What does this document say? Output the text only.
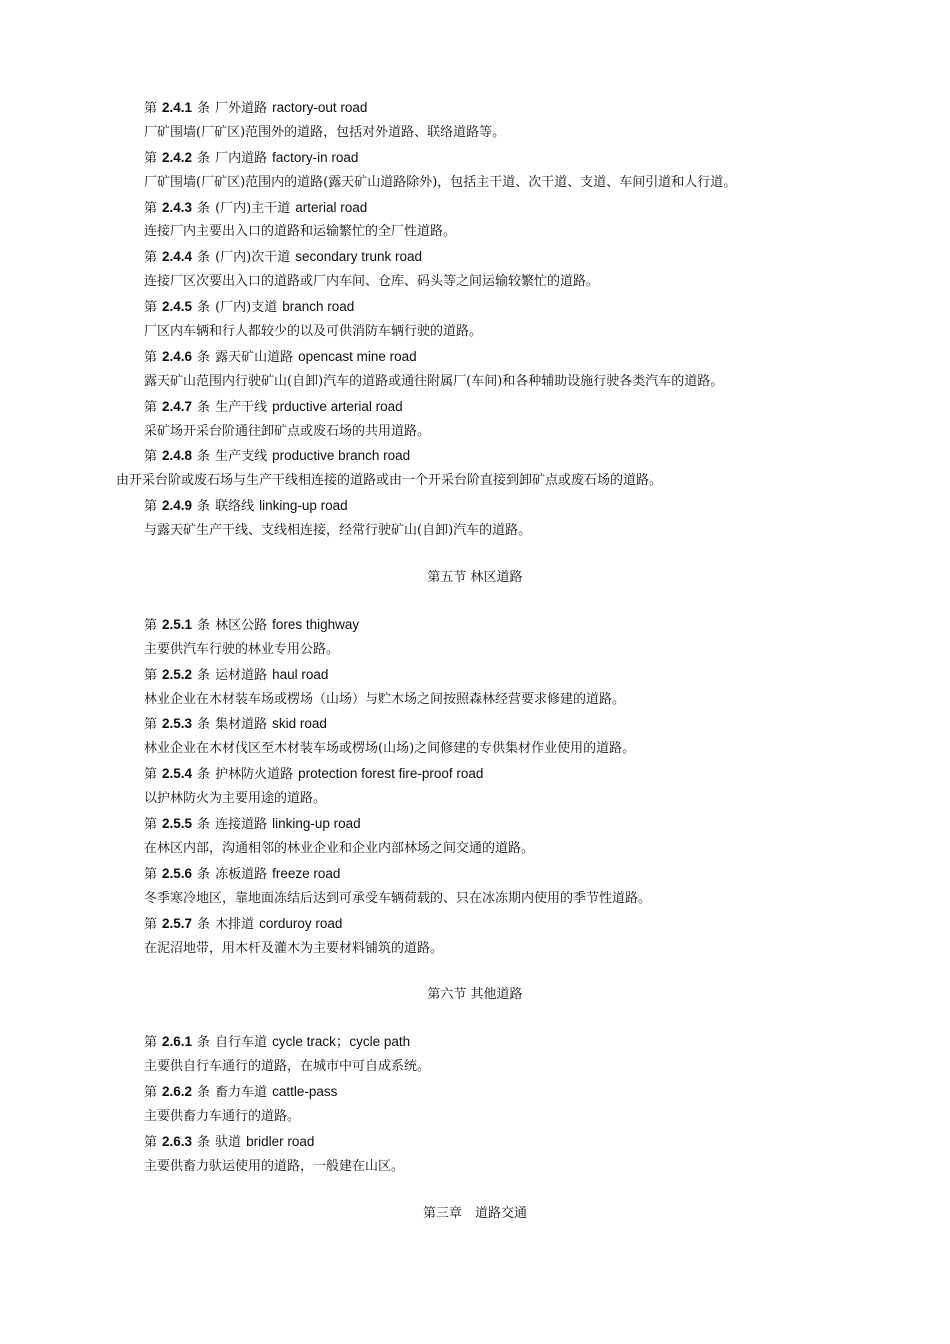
第 2.4.1 条 厂外道路 ractory-out road
厂矿围墙(厂矿区)范围外的道路，包括对外道路、联络道路等。
第 2.4.2 条 厂内道路 factory-in road
厂矿围墙(厂矿区)范围内的道路(露天矿山道路除外)，包括主干道、次干道、支道、车间引道和人行道。
第 2.4.3 条 (厂内)主干道 arterial road
连接厂内主要出入口的道路和运输繁忙的全厂性道路。
第 2.4.4 条 (厂内)次干道 secondary trunk road
连接厂区次要出入口的道路或厂内车间、仓库、码头等之间运输较繁忙的道路。
第 2.4.5 条 (厂内)支道 branch road
厂区内车辆和行人都较少的以及可供消防车辆行驶的道路。
第 2.4.6 条 露天矿山道路 opencast mine road
露天矿山范围内行驶矿山(自卸)汽车的道路或通往附属厂(车间)和各种辅助设施行驶各类汽车的道路。
第 2.4.7 条 生产干线 prductive arterial road
采矿场开采台阶通往卸矿点或废石场的共用道路。
第 2.4.8 条 生产支线 productive branch road
由开采台阶或废石场与生产干线相连接的道路或由一个开采台阶直接到卸矿点或废石场的道路。
第 2.4.9 条 联络线 linking-up road
与露天矿生产干线、支线相连接，经常行驶矿山(自卸)汽车的道路。
第五节 林区道路
第 2.5.1 条 林区公路 fores thighway
主要供汽车行驶的林业专用公路。
第 2.5.2 条 运材道路 haul road
林业企业在木材装车场或楞场（山场）与贮木场之间按照森林经营要求修建的道路。
第 2.5.3 条 集材道路 skid road
林业企业在木材伐区至木材装车场或楞场(山场)之间修建的专供集材作业使用的道路。
第 2.5.4 条 护林防火道路 protection forest fire-proof road
以护林防火为主要用途的道路。
第 2.5.5 条 连接道路 linking-up road
在林区内部，沟通相邻的林业企业和企业内部林场之间交通的道路。
第 2.5.6 条 冻板道路 freeze road
冬季寒冷地区，靠地面冻结后达到可承受车辆荷载的、只在冰冻期内使用的季节性道路。
第 2.5.7 条 木排道 corduroy road
在泥沼地带，用木杆及灌木为主要材料铺筑的道路。
第六节 其他道路
第 2.6.1 条 自行车道 cycle track；cycle path
主要供自行车通行的道路，在城市中可自成系统。
第 2.6.2 条 畜力车道 cattle-pass
主要供畜力车通行的道路。
第 2.6.3 条 驮道 bridler road
主要供畜力驮运使用的道路，一般建在山区。
第三章　道路交通
